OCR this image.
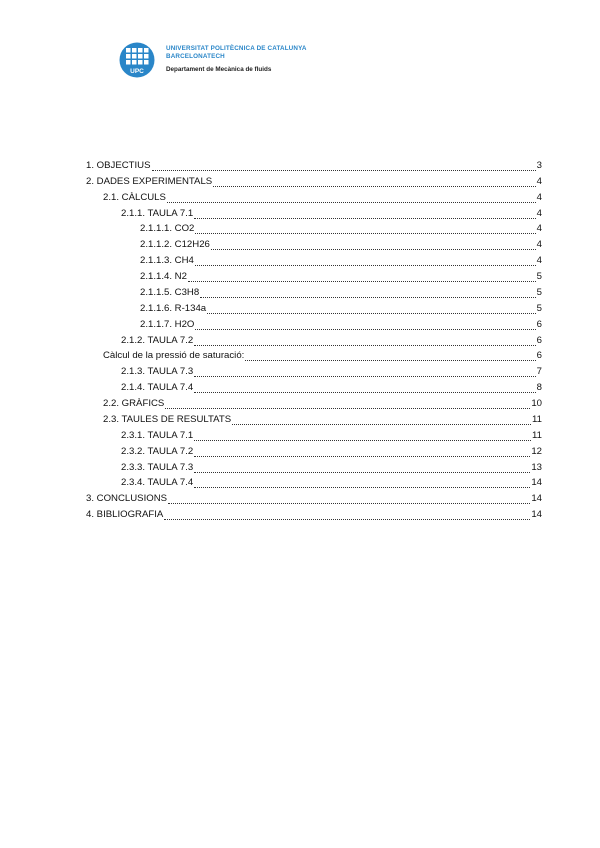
UPC
UNIVERSITAT POLITÈCNICA DE CATALUNYA
BARCELONATECH
Departament de Mecànica de fluids
1. OBJECTIUS	3
2. DADES EXPERIMENTALS	4
2.1. CÀLCULS	4
2.1.1. TAULA 7.1	4
2.1.1.1. CO2	4
2.1.1.2. C12H26	4
2.1.1.3. CH4	4
2.1.1.4. N2	5
2.1.1.5. C3H8	5
2.1.1.6. R-134a	5
2.1.1.7. H2O	6
2.1.2. TAULA 7.2	6
Càlcul de la pressió de saturació:	6
2.1.3. TAULA 7.3	7
2.1.4. TAULA 7.4	8
2.2. GRÀFICS	10
2.3. TAULES DE RESULTATS	11
2.3.1. TAULA 7.1	11
2.3.2. TAULA 7.2	12
2.3.3. TAULA 7.3	13
2.3.4. TAULA 7.4	14
3. CONCLUSIONS	14
4. BIBLIOGRAFIA	14
